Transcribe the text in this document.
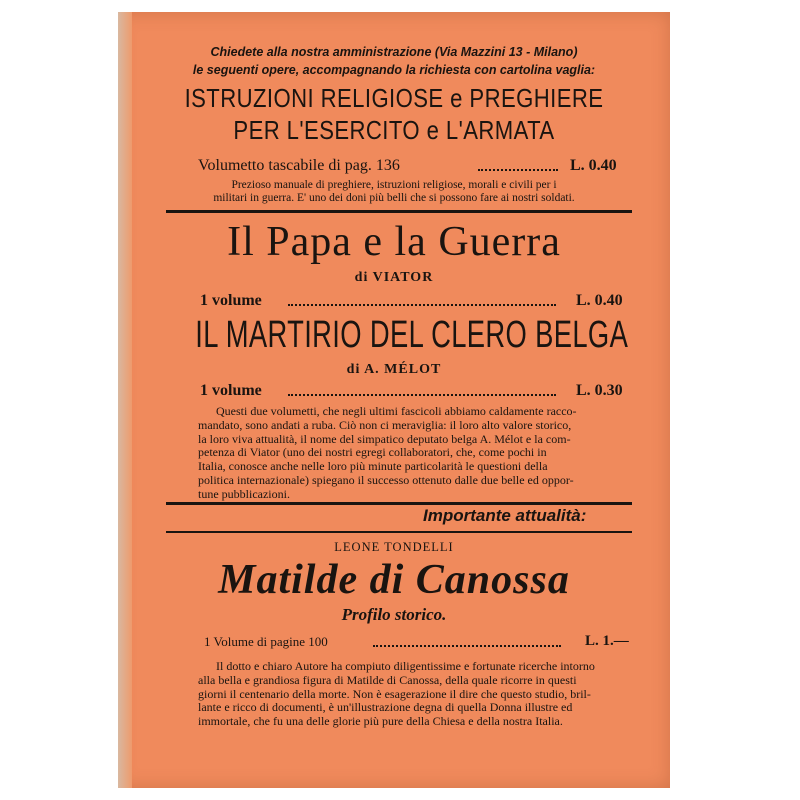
Chiedete alla nostra amministrazione (Via Mazzini 13 - Milano)
le seguenti opere, accompagnando la richiesta con cartolina vaglia:
ISTRUZIONI RELIGIOSE e PREGHIERE
PER L'ESERCITO e L'ARMATA
Volumetto tascabile di pag. 136	L. 0.40
Prezioso manuale di preghiere, istruzioni religiose, morali e civili per i
militari in guerra. E' uno dei doni più belli che si possono fare ai nostri soldati.
Il Papa e la Guerra
di VIATOR
1 volume	L. 0.40
IL MARTIRIO DEL CLERO BELGA
di A. MÉLOT
1 volume	L. 0.30
Questi due volumetti, che negli ultimi fascicoli abbiamo caldamente racco-
mandato, sono andati a ruba. Ciò non ci meraviglia: il loro alto valore storico,
la loro viva attualità, il nome del simpatico deputato belga A. Mélot e la com-
petenza di Viator (uno dei nostri egregi collaboratori, che, come pochi in
Italia, conosce anche nelle loro più minute particolarità le questioni della
politica internazionale) spiegano il successo ottenuto dalle due belle ed oppor-
tune pubblicazioni.
Importante attualità:
LEONE TONDELLI
Matilde di Canossa
Profilo storico.
1 Volume di pagine 100	L. 1.—
Il dotto e chiaro Autore ha compiuto diligentissime e fortunate ricerche intorno
alla bella e grandiosa figura di Matilde di Canossa, della quale ricorre in questi
giorni il centenario della morte. Non è esagerazione il dire che questo studio, bril-
lante e ricco di documenti, è un'illustrazione degna di quella Donna illustre ed
immortale, che fu una delle glorie più pure della Chiesa e della nostra Italia.
